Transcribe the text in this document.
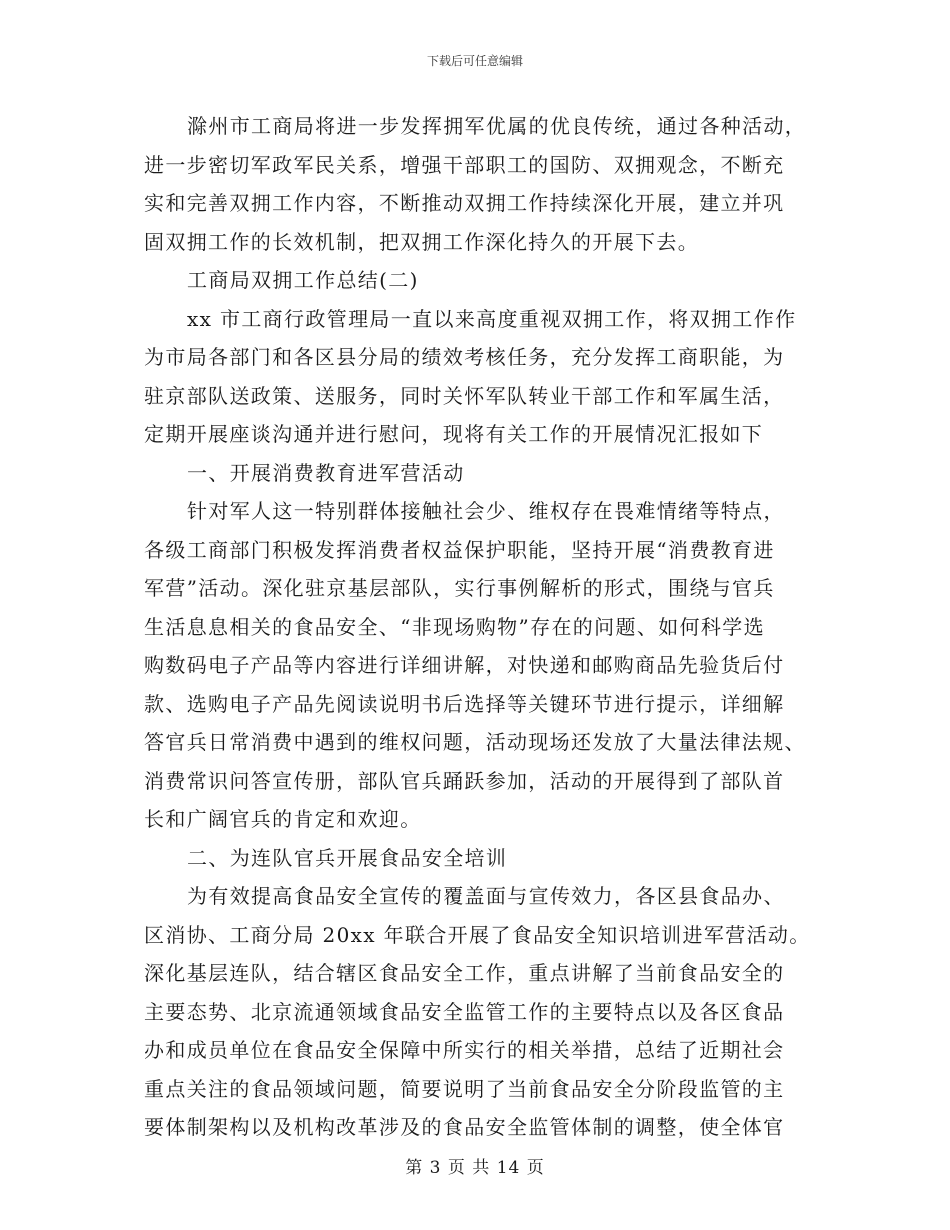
下载后可任意编辑
滁州市工商局将进一步发挥拥军优属的优良传统，通过各种活动，
进一步密切军政军民关系，增强干部职工的国防、双拥观念，不断充
实和完善双拥工作内容，不断推动双拥工作持续深化开展，建立并巩
固双拥工作的长效机制，把双拥工作深化持久的开展下去。
工商局双拥工作总结(二)
xx 市工商行政管理局一直以来高度重视双拥工作，将双拥工作作
为市局各部门和各区县分局的绩效考核任务，充分发挥工商职能，为
驻京部队送政策、送服务，同时关怀军队转业干部工作和军属生活，
定期开展座谈沟通并进行慰问，现将有关工作的开展情况汇报如下
一、开展消费教育进军营活动
针对军人这一特别群体接触社会少、维权存在畏难情绪等特点，
各级工商部门积极发挥消费者权益保护职能，坚持开展“消费教育进
军营”活动。深化驻京基层部队，实行事例解析的形式，围绕与官兵
生活息息相关的食品安全、“非现场购物”存在的问题、如何科学选
购数码电子产品等内容进行详细讲解，对快递和邮购商品先验货后付
款、选购电子产品先阅读说明书后选择等关键环节进行提示，详细解
答官兵日常消费中遇到的维权问题，活动现场还发放了大量法律法规、
消费常识问答宣传册，部队官兵踊跃参加，活动的开展得到了部队首
长和广阔官兵的肯定和欢迎。
二、为连队官兵开展食品安全培训
为有效提高食品安全宣传的覆盖面与宣传效力，各区县食品办、
区消协、工商分局 20xx 年联合开展了食品安全知识培训进军营活动。
深化基层连队，结合辖区食品安全工作，重点讲解了当前食品安全的
主要态势、北京流通领域食品安全监管工作的主要特点以及各区食品
办和成员单位在食品安全保障中所实行的相关举措，总结了近期社会
重点关注的食品领域问题，简要说明了当前食品安全分阶段监管的主
要体制架构以及机构改革涉及的食品安全监管体制的调整，使全体官
第 3 页 共 14 页
